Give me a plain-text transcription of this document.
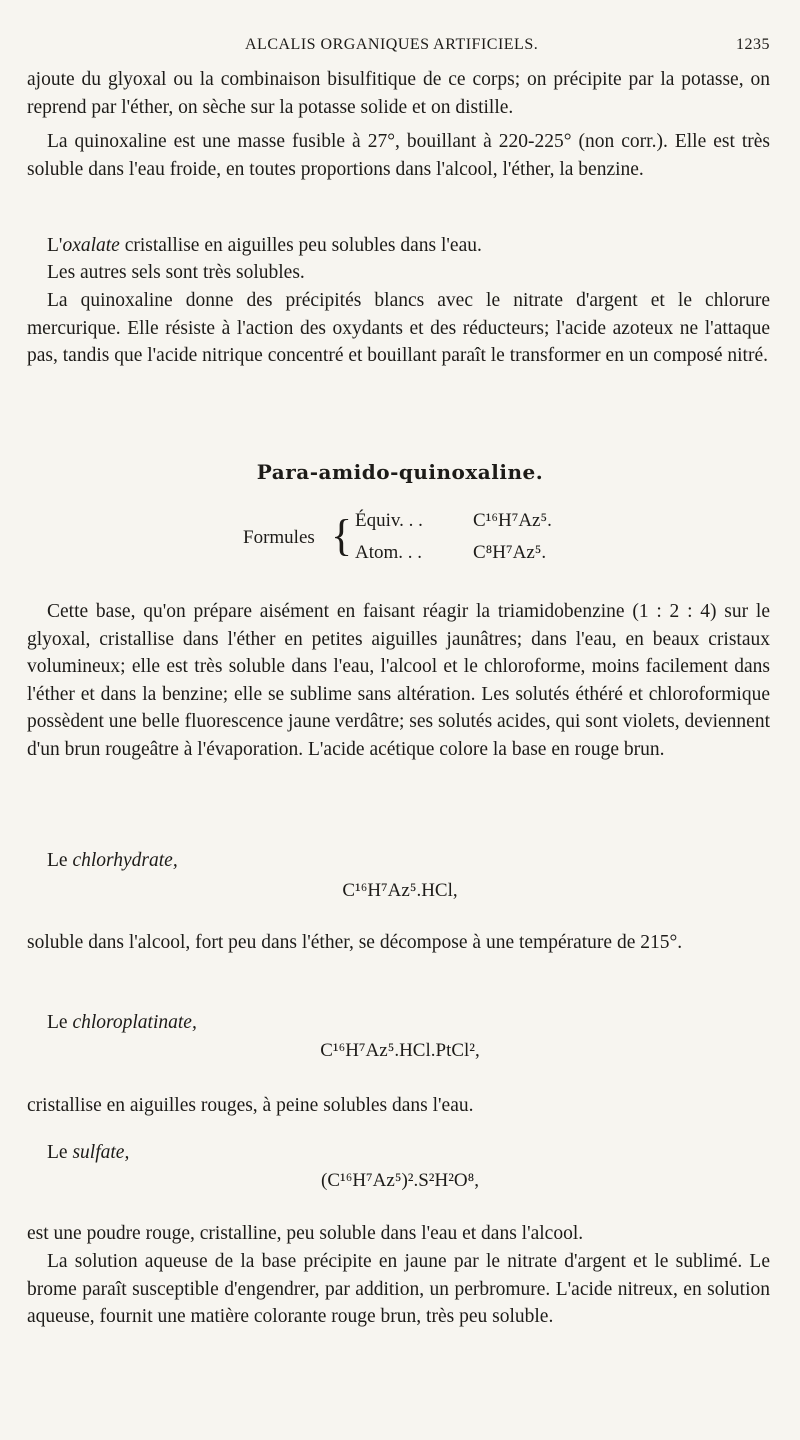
ALCALIS ORGANIQUES ARTIFICIELS.	1235

ajoute du glyoxal ou la combinaison bisulfitique de ce corps; on précipite par la potasse, on reprend par l'éther, on sèche sur la potasse solide et on distille.

La quinoxaline est une masse fusible à 27°, bouillant à 220-225° (non corr.). Elle est très soluble dans l'eau froide, en toutes proportions dans l'alcool, l'éther, la benzine.

L'oxalate cristallise en aiguilles peu solubles dans l'eau.

Les autres sels sont très solubles.

La quinoxaline donne des précipités blancs avec le nitrate d'argent et le chlorure mercurique. Elle résiste à l'action des oxydants et des réducteurs; l'acide azoteux ne l'attaque pas, tandis que l'acide nitrique concentré et bouillant paraît le transformer en un composé nitré.

Para-amido-quinoxaline.
Formules { Équiv. . .	C¹⁶H⁷Az⁵.
Atom. . .	C⁸H⁷Az⁵.

Cette base, qu'on prépare aisément en faisant réagir la triamidobenzine (1 : 2 : 4) sur le glyoxal, cristallise dans l'éther en petites aiguilles jaunâtres; dans l'eau, en beaux cristaux volumineux; elle est très soluble dans l'eau, l'alcool et le chloroforme, moins facilement dans l'éther et dans la benzine; elle se sublime sans altération. Les solutés éthéré et chloroformique possèdent une belle fluorescence jaune verdâtre; ses solutés acides, qui sont violets, deviennent d'un brun rougeâtre à l'évaporation. L'acide acétique colore la base en rouge brun.

Le chlorhydrate,

C¹⁶H⁷Az⁵.HCl,

soluble dans l'alcool, fort peu dans l'éther, se décompose à une température de 215°.

Le chloroplatinate,

C¹⁶H⁷Az⁵.HCl.PtCl²,

cristallise en aiguilles rouges, à peine solubles dans l'eau.

Le sulfate,

(C¹⁶H⁷Az⁵)².S²H²O⁸,

est une poudre rouge, cristalline, peu soluble dans l'eau et dans l'alcool.

La solution aqueuse de la base précipite en jaune par le nitrate d'argent et le sublimé. Le brome paraît susceptible d'engendrer, par addition, un perbromure. L'acide nitreux, en solution aqueuse, fournit une matière colorante rouge brun, très peu soluble.
